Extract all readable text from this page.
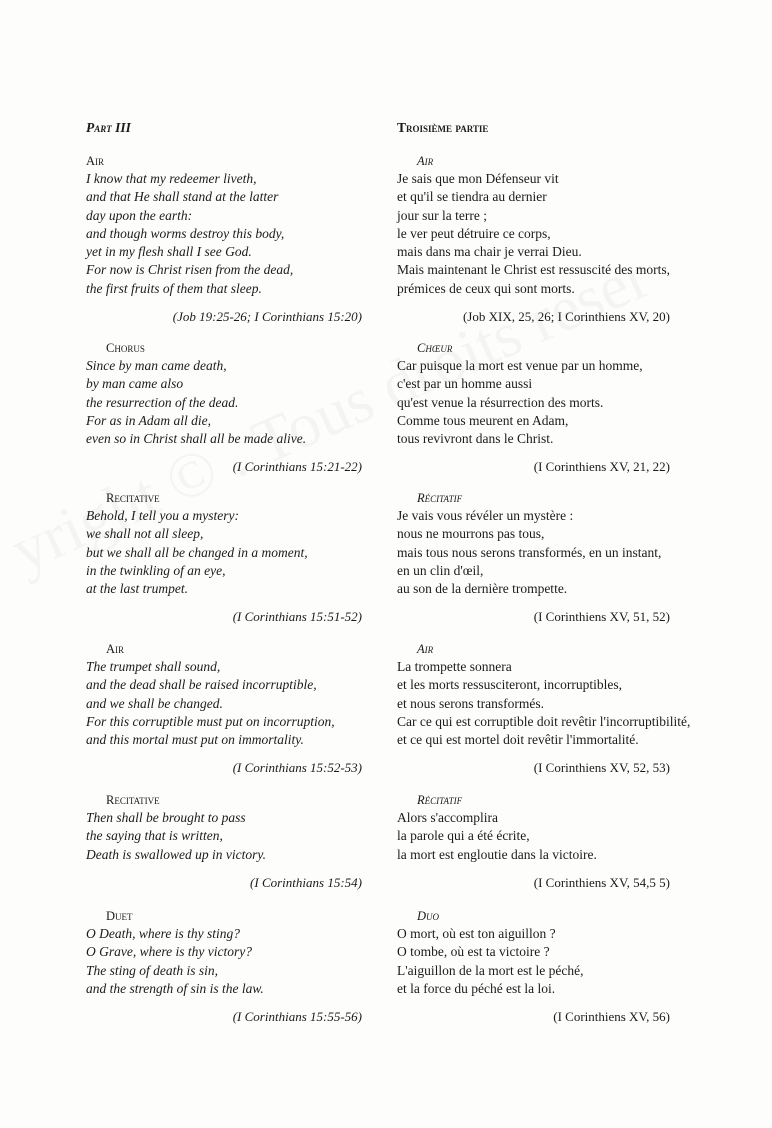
Part III
Air
I know that my redeemer liveth,
and that He shall stand at the latter
day upon the earth:
and though worms destroy this body,
yet in my flesh shall I see God.
For now is Christ risen from the dead,
the first fruits of them that sleep.
(Job 19:25-26; I Corinthians 15:20)
Chorus
Since by man came death,
by man came also
the resurrection of the dead.
For as in Adam all die,
even so in Christ shall all be made alive.
(I Corinthians 15:21-22)
Recitative
Behold, I tell you a mystery:
we shall not all sleep,
but we shall all be changed in a moment,
in the twinkling of an eye,
at the last trumpet.
(I Corinthians 15:51-52)
Air
The trumpet shall sound,
and the dead shall be raised incorruptible,
and we shall be changed.
For this corruptible must put on incorruption,
and this mortal must put on immortality.
(I Corinthians 15:52-53)
Recitative
Then shall be brought to pass
the saying that is written,
Death is swallowed up in victory.
(I Corinthians 15:54)
Duet
O Death, where is thy sting?
O Grave, where is thy victory?
The sting of death is sin,
and the strength of sin is the law.
(I Corinthians 15:55-56)
Troisième partie
Air
Je sais que mon Défenseur vit
et qu'il se tiendra au dernier
jour sur la terre ;
le ver peut détruire ce corps,
mais dans ma chair je verrai Dieu.
Mais maintenant le Christ est ressuscité des morts,
prémices de ceux qui sont morts.
(Job XIX, 25, 26; I Corinthiens XV, 20)
Chœur
Car puisque la mort est venue par un homme,
c'est par un homme aussi
qu'est venue la résurrection des morts.
Comme tous meurent en Adam,
tous revivront dans le Christ.
(I Corinthiens XV, 21, 22)
Récitatif
Je vais vous révéler un mystère :
nous ne mourrons pas tous,
mais tous nous serons transformés, en un instant,
en un clin d'œil,
au son de la dernière trompette.
(I Corinthiens XV, 51, 52)
Air
La trompette sonnera
et les morts ressusciteront, incorruptibles,
et nous serons transformés.
Car ce qui est corruptible doit revêtir l'incorruptibilité,
et ce qui est mortel doit revêtir l'immortalité.
(I Corinthiens XV, 52, 53)
Récitatif
Alors s'accomplira
la parole qui a été écrite,
la mort est engloutie dans la victoire.
(I Corinthiens XV, 54,5 5)
Duo
O mort, où est ton aiguillon ?
O tombe, où est ta victoire ?
L'aiguillon de la mort est le péché,
et la force du péché est la loi.
(I Corinthiens XV, 56)
